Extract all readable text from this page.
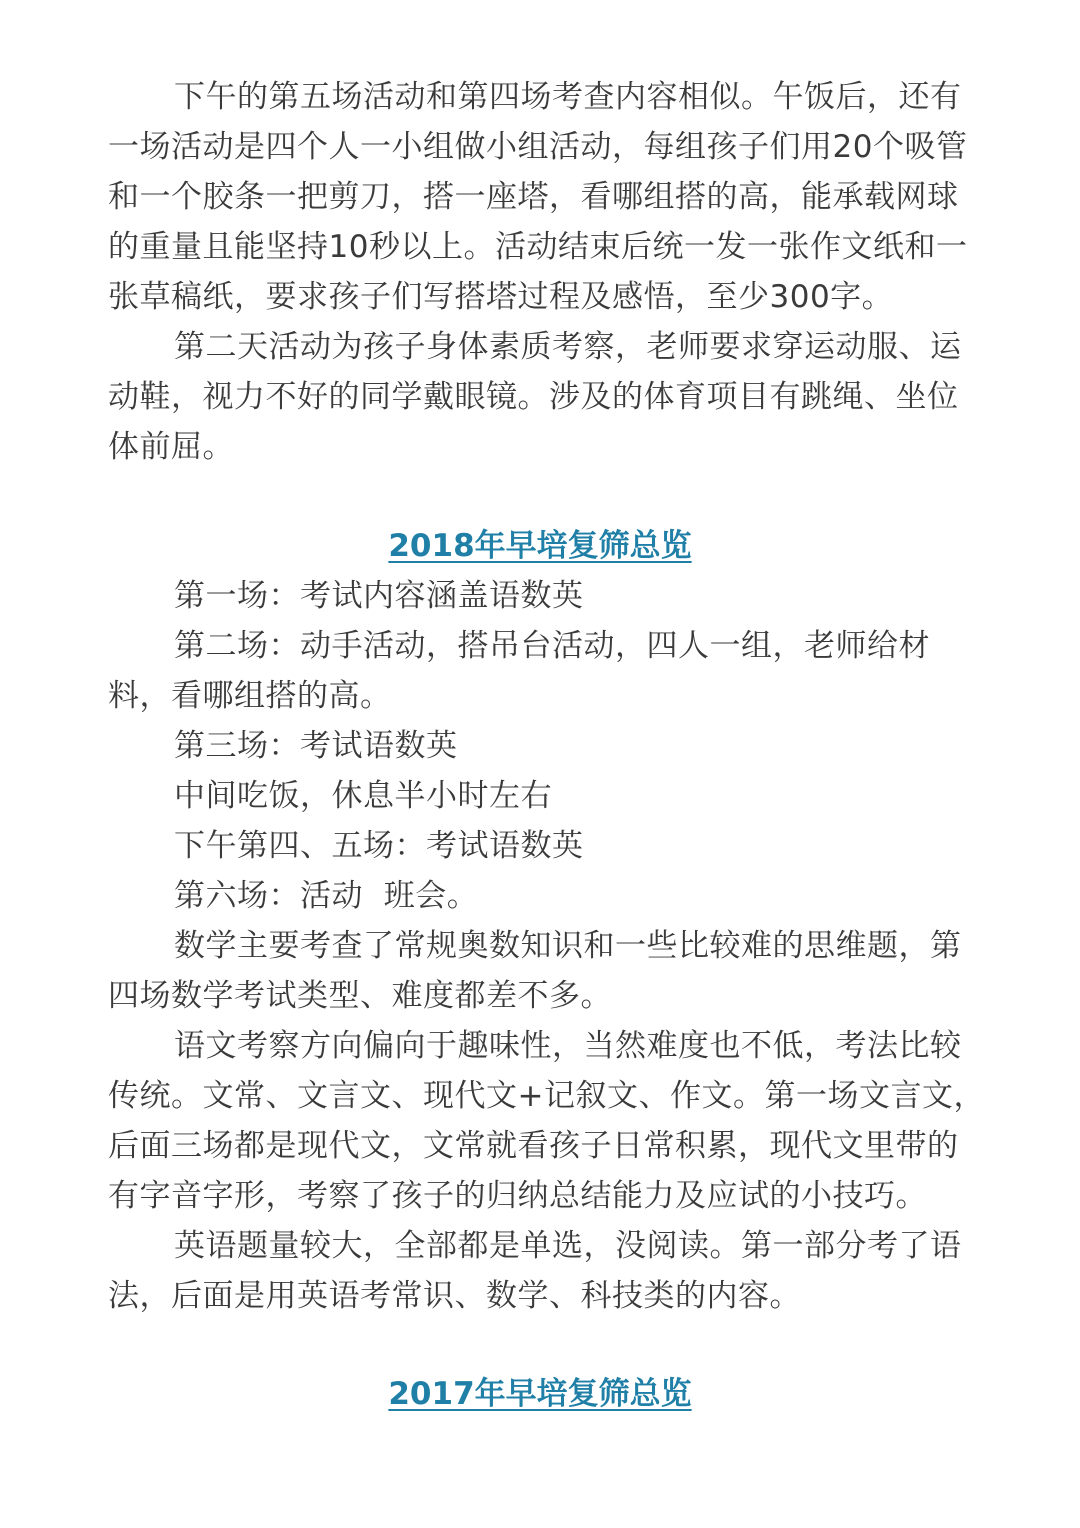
下午的第五场活动和第四场考查内容相似。午饭后，还有
一场活动是四个人一小组做小组活动，每组孩子们用20个吸管
和一个胶条一把剪刀，搭一座塔，看哪组搭的高，能承载网球
的重量且能坚持10秒以上。活动结束后统一发一张作文纸和一
张草稿纸，要求孩子们写搭塔过程及感悟，至少300字。
第二天活动为孩子身体素质考察，老师要求穿运动服、运
动鞋，视力不好的同学戴眼镜。涉及的体育项目有跳绳、坐位
体前屈。
2018年早培复筛总览
第一场：考试内容涵盖语数英
第二场：动手活动，搭吊台活动，四人一组，老师给材
料，看哪组搭的高。
第三场：考试语数英
中间吃饭，休息半小时左右
下午第四、五场：考试语数英
第六场：活动  班会。
数学主要考查了常规奥数知识和一些比较难的思维题，第
四场数学考试类型、难度都差不多。
语文考察方向偏向于趣味性，当然难度也不低，考法比较
传统。文常、文言文、现代文+记叙文、作文。第一场文言文，
后面三场都是现代文，文常就看孩子日常积累，现代文里带的
有字音字形，考察了孩子的归纳总结能力及应试的小技巧。
英语题量较大，全部都是单选，没阅读。第一部分考了语
法，后面是用英语考常识、数学、科技类的内容。
2017年早培复筛总览
